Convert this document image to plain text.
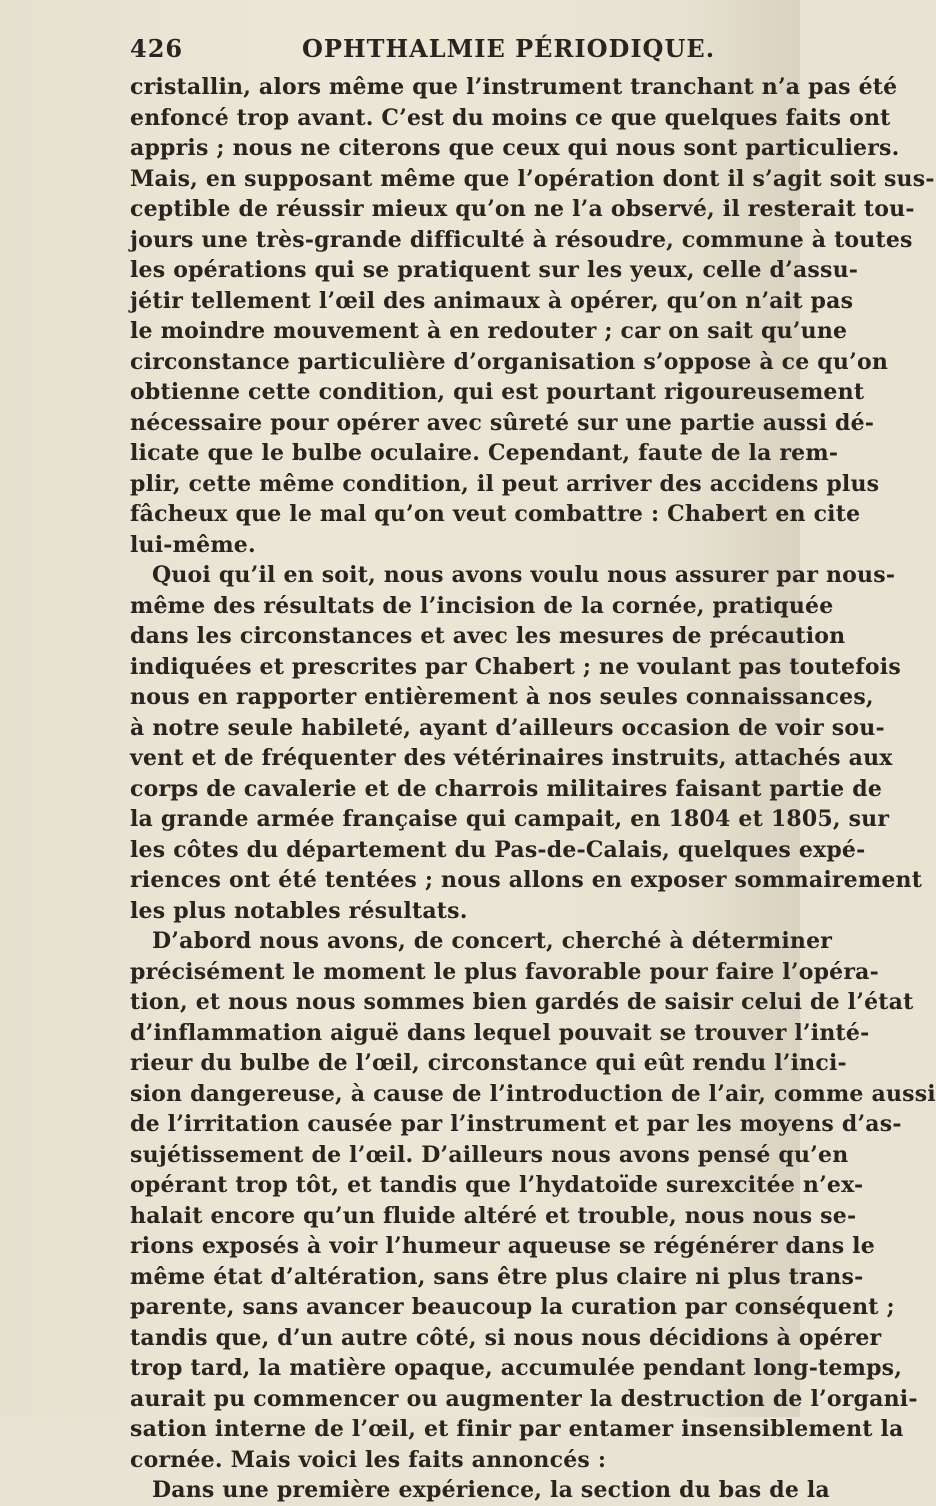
426	OPHTHALMIE PÉRIODIQUE.
cristallin, alors même que l’instrument tranchant n’a pas été
enfoncé trop avant. C’est du moins ce que quelques faits ont
appris ; nous ne citerons que ceux qui nous sont particuliers.
Mais, en supposant même que l’opération dont il s’agit soit sus-
ceptible de réussir mieux qu’on ne l’a observé, il resterait tou-
jours une très-grande difficulté à résoudre, commune à toutes
les opérations qui se pratiquent sur les yeux, celle d’assu-
jétir tellement l’œil des animaux à opérer, qu’on n’ait pas
le moindre mouvement à en redouter ; car on sait qu’une
circonstance particulière d’organisation s’oppose à ce qu’on
obtienne cette condition, qui est pourtant rigoureusement
nécessaire pour opérer avec sûreté sur une partie aussi dé-
licate que le bulbe oculaire. Cependant, faute de la rem-
plir, cette même condition, il peut arriver des accidens plus
fâcheux que le mal qu’on veut combattre : Chabert en cite
lui-même.
Quoi qu’il en soit, nous avons voulu nous assurer par nous-
même des résultats de l’incision de la cornée, pratiquée
dans les circonstances et avec les mesures de précaution
indiquées et prescrites par Chabert ; ne voulant pas toutefois
nous en rapporter entièrement à nos seules connaissances,
à notre seule habileté, ayant d’ailleurs occasion de voir sou-
vent et de fréquenter des vétérinaires instruits, attachés aux
corps de cavalerie et de charrois militaires faisant partie de
la grande armée française qui campait, en 1804 et 1805, sur
les côtes du département du Pas-de-Calais, quelques expé-
riences ont été tentées ; nous allons en exposer sommairement
les plus notables résultats.
D’abord nous avons, de concert, cherché à déterminer
précisément le moment le plus favorable pour faire l’opéra-
tion, et nous nous sommes bien gardés de saisir celui de l’état
d’inflammation aiguë dans lequel pouvait se trouver l’inté-
rieur du bulbe de l’œil, circonstance qui eût rendu l’inci-
sion dangereuse, à cause de l’introduction de l’air, comme aussi
de l’irritation causée par l’instrument et par les moyens d’as-
sujétissement de l’œil. D’ailleurs nous avons pensé qu’en
opérant trop tôt, et tandis que l’hydatoïde surexcitée n’ex-
halait encore qu’un fluide altéré et trouble, nous nous se-
rions exposés à voir l’humeur aqueuse se régénérer dans le
même état d’altération, sans être plus claire ni plus trans-
parente, sans avancer beaucoup la curation par conséquent ;
tandis que, d’un autre côté, si nous nous décidions à opérer
trop tard, la matière opaque, accumulée pendant long-temps,
aurait pu commencer ou augmenter la destruction de l’organi-
sation interne de l’œil, et finir par entamer insensiblement la
cornée. Mais voici les faits annoncés :
Dans une première expérience, la section du bas de la
